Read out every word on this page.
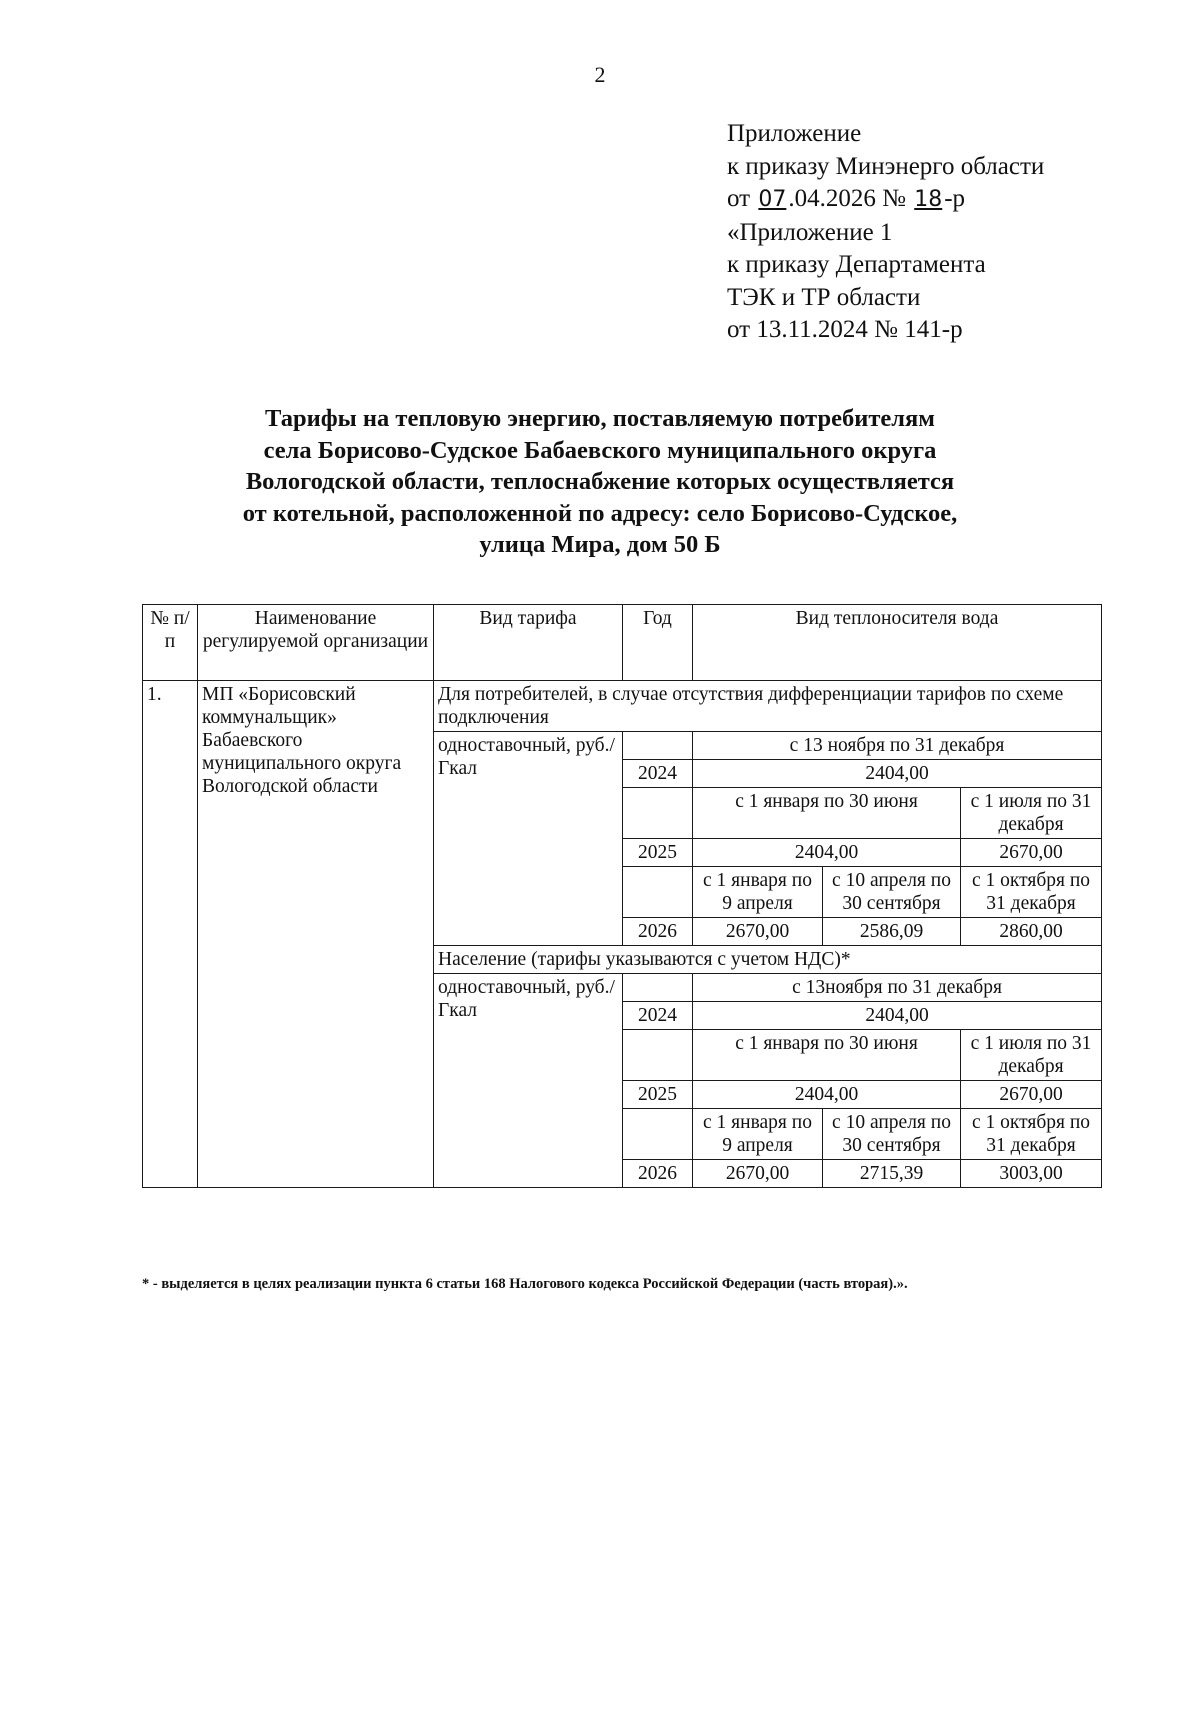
2
Приложение
к приказу Минэнерго области
от 07.04.2026 № 18-р
«Приложение 1
к приказу Департамента
ТЭК и ТР области
от 13.11.2024 № 141-р
Тарифы на тепловую энергию, поставляемую потребителям
села Борисово-Судское Бабаевского муниципального округа
Вологодской области, теплоснабжение которых осуществляется
от котельной, расположенной по адресу: село Борисово-Судское,
улица Мира, дом 50 Б
№ п/п	Наименование регулируемой организации	Вид тарифа	Год	Вид теплоносителя вода		
1.	МП «Борисовский коммунальщик» Бабаевского муниципального округа Вологодской области	Для потребителей, в случае отсутствия дифференциации тарифов по схеме подключения				
		одноставочный, руб./Гкал		с 13 ноября по 31 декабря		
			2024	2404,00		
				с 1 января по 30 июня		с 1 июля по 31 декабря
			2025	2404,00		2670,00
				с 1 января по 9 апреля	с 10 апреля по 30 сентября	с 1 октября по 31 декабря
			2026	2670,00	2586,09	2860,00

		Население (тарифы указываются с учетом НДС)*				
		одноставочный, руб./Гкал		с 13ноября по 31 декабря		
			2024	2404,00		
				с 1 января по 30 июня		с 1 июля по 31 декабря
			2025	2404,00		2670,00
				с 1 января по 9 апреля	с 10 апреля по 30 сентября	с 1 октября по 31 декабря
			2026	2670,00	2715,39	3003,00
* - выделяется в целях реализации пункта 6 статьи 168 Налогового кодекса Российской Федерации (часть вторая).».
